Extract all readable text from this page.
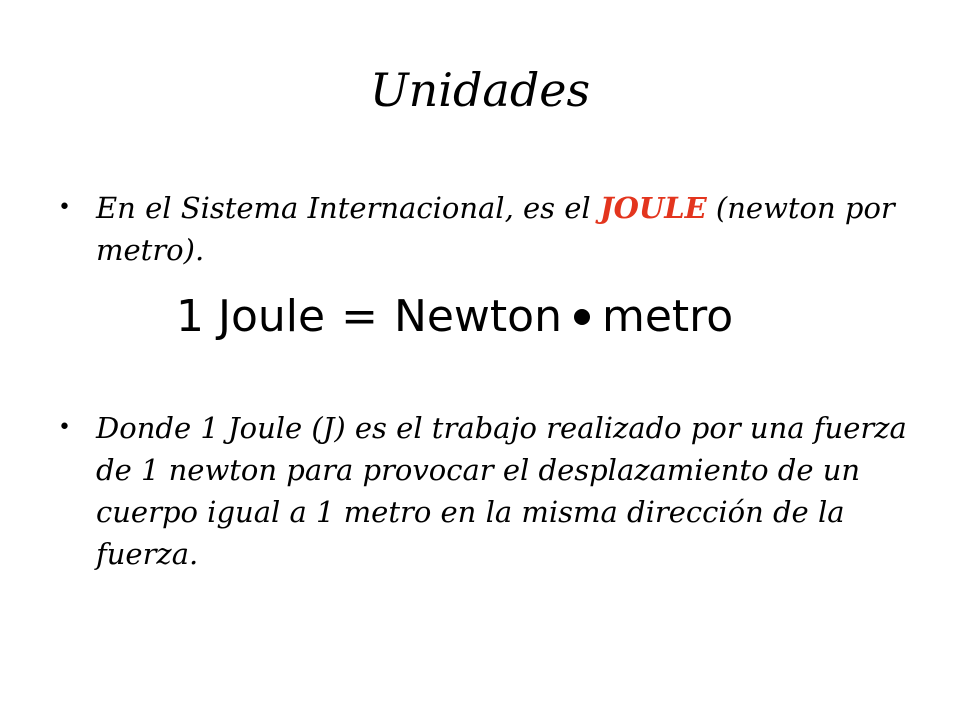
Unidades
• En el Sistema Internacional, es el JOULE (newton por metro).
1 Joule = Newton metro
• Donde 1 Joule (J) es el trabajo realizado por una fuerza de 1 newton para provocar el desplazamiento de un cuerpo igual a 1 metro en la misma dirección de la fuerza.
